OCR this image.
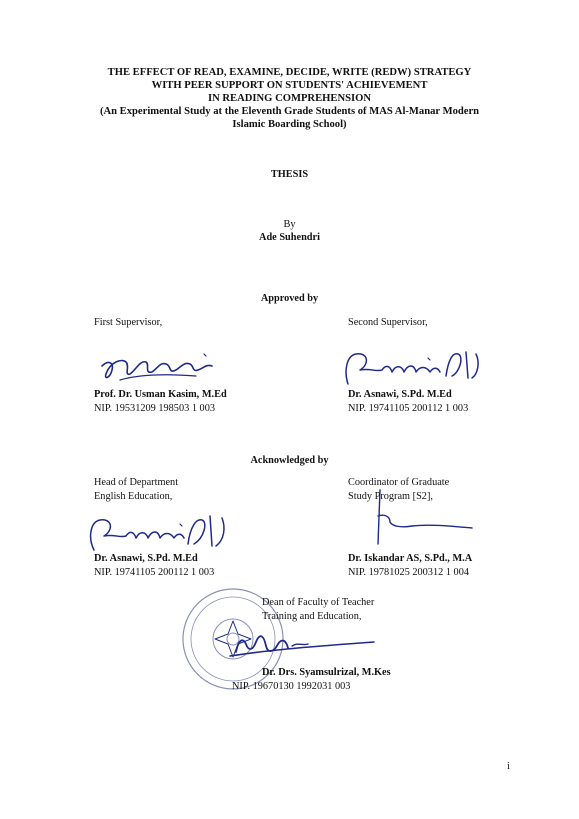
THE EFFECT OF READ, EXAMINE, DECIDE, WRITE (REDW) STRATEGY
WITH PEER SUPPORT ON STUDENTS' ACHIEVEMENT
IN READING COMPREHENSION
(An Experimental Study at the Eleventh Grade Students of MAS Al-Manar Modern
Islamic Boarding School)
THESIS
By
Ade Suhendri
Approved by
First Supervisor,
Prof. Dr. Usman Kasim, M.Ed
NIP. 19531209 198503 1 003
Second Supervisor,
Dr. Asnawi, S.Pd. M.Ed
NIP. 19741105 200112 1 003
Acknowledged by
Head of Department
English Education,
Dr. Asnawi, S.Pd. M.Ed
NIP. 19741105 200112 1 003
Coordinator of Graduate
Study Program [S2],
Dr. Iskandar AS, S.Pd., M.A
NIP. 19781025 200312 1 004
Dean of Faculty of Teacher
Training and Education,
Dr. Drs. Syamsulrizal, M.Kes
NIP. 19670130 1992031 003
i
